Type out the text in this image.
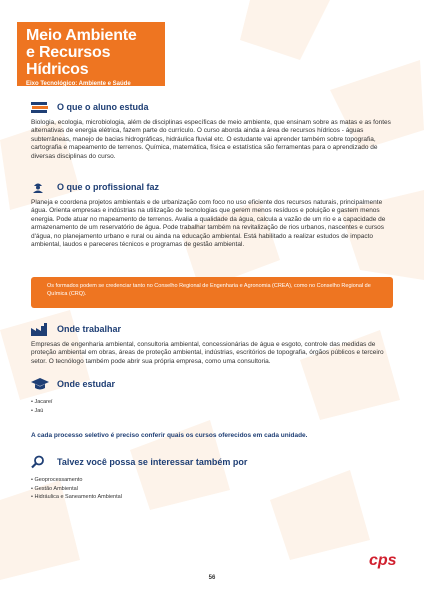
Meio Ambiente
e Recursos Hídricos
Eixo Tecnológico: Ambiente e Saúde
O que o aluno estuda
Biologia, ecologia, microbiologia, além de disciplinas específicas de meio ambiente, que ensinam sobre as matas e as fontes alternativas de energia elétrica, fazem parte do currículo. O curso aborda ainda a área de recursos hídricos - águas subterrâneas, manejo de bacias hidrográficas, hidráulica fluvial etc. O estudante vai aprender também sobre topografia, cartografia e mapeamento de terrenos. Química, matemática, física e estatística são ferramentas para o aprendizado de diversas disciplinas do curso.
O que o profissional faz
Planeja e coordena projetos ambientais e de urbanização com foco no uso eficiente dos recursos naturais, principalmente água. Orienta empresas e indústrias na utilização de tecnologias que gerem menos resíduos e poluição e gastem menos energia. Pode atuar no mapeamento de terrenos. Avalia a qualidade da água, calcula a vazão de um rio e a capacidade de armazenamento de um reservatório de água. Pode trabalhar também na revitalização de rios urbanos, nascentes e cursos d'água, no planejamento urbano e rural ou ainda na educação ambiental. Está habilitado a realizar estudos de impacto ambiental, laudos e pareceres técnicos e programas de gestão ambiental.
Os formados podem se credenciar tanto no Conselho Regional de Engenharia e Agronomia (CREA), como no Conselho Regional de Química (CRQ).
Onde trabalhar
Empresas de engenharia ambiental, consultoria ambiental, concessionárias de água e esgoto, controle das medidas de proteção ambiental em obras, áreas de proteção ambiental, indústrias, escritórios de topografia, órgãos públicos e terceiro setor. O tecnólogo também pode abrir sua própria empresa, como uma consultoria.
Onde estudar
• Jacareí
• Jaú
A cada processo seletivo é preciso conferir quais os cursos oferecidos em cada unidade.
Talvez você possa se interessar também por
• Geoprocessamento
• Gestão Ambiental
• Hidráulica e Saneamento Ambiental
cps
56
